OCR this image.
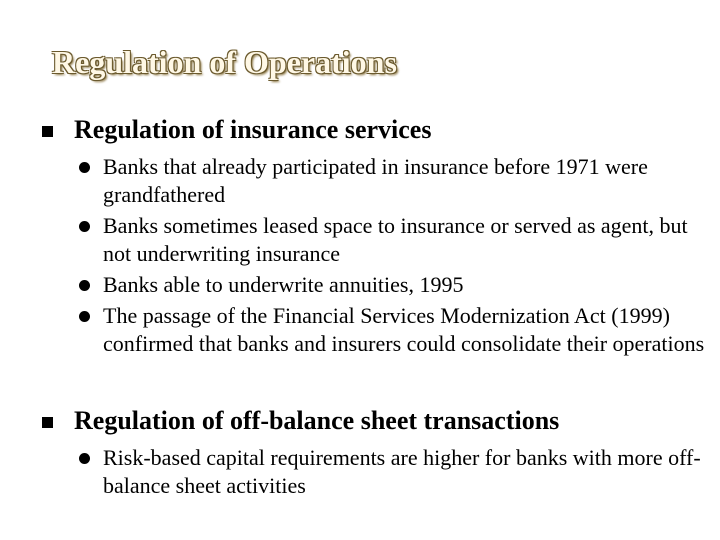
Regulation of Operations
Regulation of insurance services
Banks that already participated in insurance before 1971 were grandfathered
Banks sometimes leased space to insurance or served as agent, but not underwriting insurance
Banks able to underwrite annuities, 1995
The passage of the Financial Services Modernization Act (1999) confirmed that banks and insurers could consolidate their operations
Regulation of off-balance sheet transactions
Risk-based capital requirements are higher for banks with more off-balance sheet activities
